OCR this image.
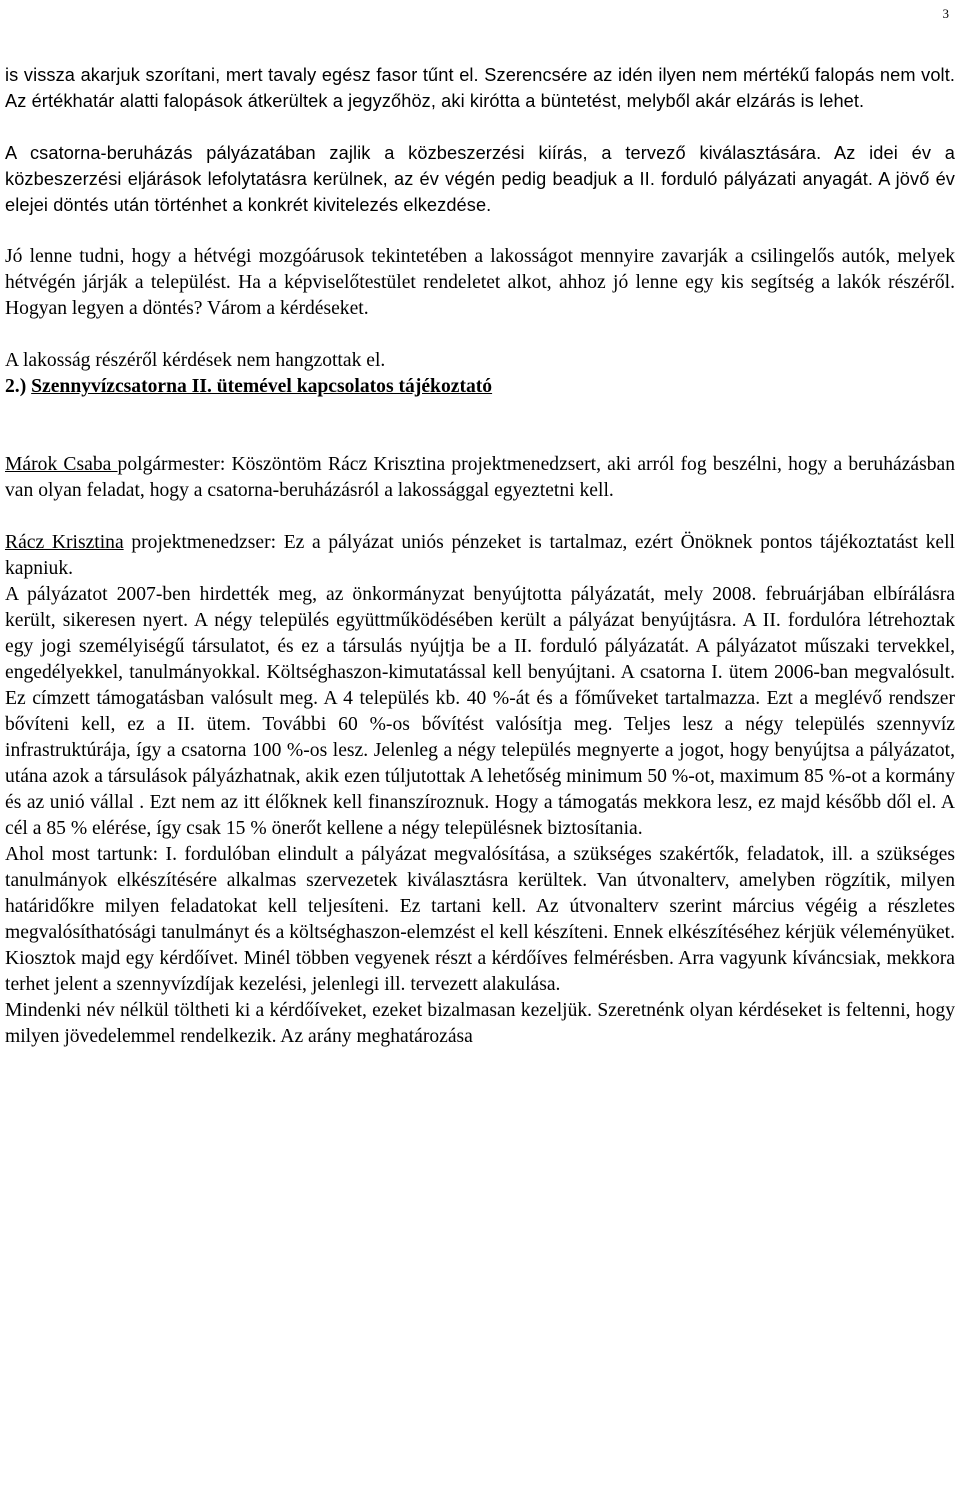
3

is vissza akarjuk szorítani, mert tavaly egész fasor tűnt el. Szerencsére az idén ilyen nem mértékű falopás nem volt. Az értékhatár alatti falopások átkerültek a jegyzőhöz, aki kirótta a büntetést, melyből akár elzárás is lehet.

A csatorna-beruházás pályázatában zajlik a közbeszerzési kiírás, a tervező kiválasztására. Az idei év a közbeszerzési eljárások lefolytatásra kerülnek, az év végén pedig beadjuk a II. forduló pályázati anyagát. A jövő év elejei döntés után történhet a konkrét kivitelezés elkezdése.

Jó lenne tudni, hogy a hétvégi mozgóárusok tekintetében a lakosságot mennyire zavarják a csilingelős autók, melyek hétvégén járják a települést. Ha a képviselőtestület rendeletet alkot, ahhoz jó lenne egy kis segítség a lakók részéről. Hogyan legyen a döntés? Várom a kérdéseket.

A lakosság részéről kérdések nem hangzottak el.

2.) Szennyvízcsatorna II. ütemével kapcsolatos tájékoztató

Márok Csaba polgármester: Köszöntöm Rácz Krisztina projektmenedzsert, aki arról fog beszélni, hogy a beruházásban van olyan feladat, hogy a csatorna-beruházásról a lakossággal egyeztetni kell.

Rácz Krisztina projektmenedzser: Ez a pályázat uniós pénzeket is tartalmaz, ezért Önöknek pontos tájékoztatást kell kapniuk.

A pályázatot 2007-ben hirdették meg, az önkormányzat benyújtotta pályázatát, mely 2008. februárjában elbírálásra került, sikeresen nyert. A négy település együttműködésében került a pályázat benyújtásra. A II. fordulóra létrehoztak egy jogi személyiségű társulatot, és ez a társulás nyújtja be a II. forduló pályázatát. A pályázatot műszaki tervekkel, engedélyekkel, tanulmányokkal. Költséghaszon-kimutatással kell benyújtani. A csatorna I. ütem 2006-ban megvalósult. Ez címzett támogatásban valósult meg. A 4 település kb. 40 %-át és a főműveket tartalmazza. Ezt a meglévő rendszer bővíteni kell, ez a II. ütem. További 60 %-os bővítést valósítja meg. Teljes lesz a négy település szennyvíz infrastruktúrája, így a csatorna 100 %-os lesz. Jelenleg a négy település megnyerte a jogot, hogy benyújtsa a pályázatot, utána azok a társulások pályázhatnak, akik ezen túljutottak A lehetőség minimum 50 %-ot, maximum 85 %-ot a kormány és az unió vállal . Ezt nem az itt élőknek kell finanszíroznuk. Hogy a támogatás mekkora lesz, ez majd később dől el. A cél a 85 % elérése, így csak 15 % önerőt kellene a négy településnek biztosítania.

Ahol most tartunk: I. fordulóban elindult a pályázat megvalósítása, a szükséges szakértők, feladatok, ill. a szükséges tanulmányok elkészítésére alkalmas szervezetek kiválasztásra kerültek. Van útvonalterv, amelyben rögzítik, milyen határidőkre milyen feladatokat kell teljesíteni. Ez tartani kell. Az útvonalterv szerint március végéig a részletes megvalósíthatósági tanulmányt és a költséghaszon-elemzést el kell készíteni. Ennek elkészítéséhez kérjük véleményüket. Kiosztok majd egy kérdőívet. Minél többen vegyenek részt a kérdőíves felmérésben. Arra vagyunk kíváncsiak, mekkora terhet jelent a szennyvízdíjak kezelési, jelenlegi ill. tervezett alakulása.

Mindenki név nélkül töltheti ki a kérdőíveket, ezeket bizalmasan kezeljük. Szeretnénk olyan kérdéseket is feltenni, hogy milyen jövedelemmel rendelkezik. Az arány meghatározása
